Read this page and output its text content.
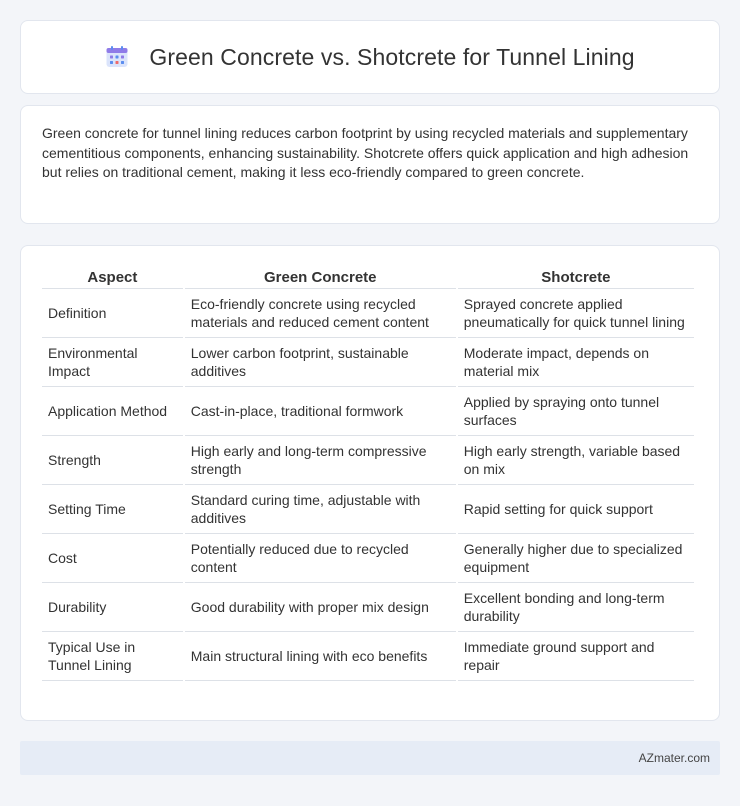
Green Concrete vs. Shotcrete for Tunnel Lining

Green concrete for tunnel lining reduces carbon footprint by using recycled materials and supplementary cementitious components, enhancing sustainability. Shotcrete offers quick application and high adhesion but relies on traditional cement, making it less eco-friendly compared to green concrete.

Aspect	Green Concrete	Shotcrete
Definition	Eco-friendly concrete using recycled materials and reduced cement content	Sprayed concrete applied pneumatically for quick tunnel lining
Environmental Impact	Lower carbon footprint, sustainable additives	Moderate impact, depends on material mix
Application Method	Cast-in-place, traditional formwork	Applied by spraying onto tunnel surfaces
Strength	High early and long-term compressive strength	High early strength, variable based on mix
Setting Time	Standard curing time, adjustable with additives	Rapid setting for quick support
Cost	Potentially reduced due to recycled content	Generally higher due to specialized equipment
Durability	Good durability with proper mix design	Excellent bonding and long-term durability
Typical Use in Tunnel Lining	Main structural lining with eco benefits	Immediate ground support and repair
AZmater.com
